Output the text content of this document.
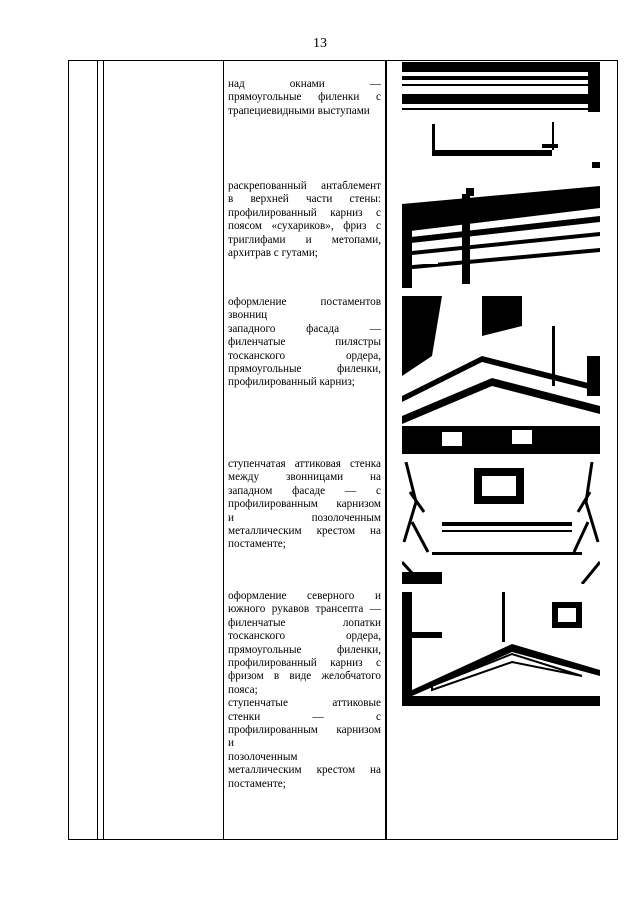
13

над окнами —

прямоугольные филенки с

трапециевидными выступами

раскрепованный антаблемент

в верхней части стены:

профилированный карниз с

поясом «сухариков», фриз с

триглифами и метопами,

архитрав с гутами;

оформление постаментов

звонниц

западного фасада —

филенчатые пилястры

тосканского ордера,

прямоугольные филенки,

профилированный карниз;

ступенчатая аттиковая стенка

между звонницами на

западном фасаде — с

профилированным карнизом

и позолоченным

металлическим крестом на

постаменте;

оформление северного и

южного рукавов трансепта —

филенчатые лопатки

тосканского ордера,

прямоугольные филенки,

профилированный карниз с

фризом в виде желобчатого

пояса;

ступенчатые аттиковые

стенки — с

профилированным карнизом

и

позолоченным

металлическим крестом на

постаменте;
